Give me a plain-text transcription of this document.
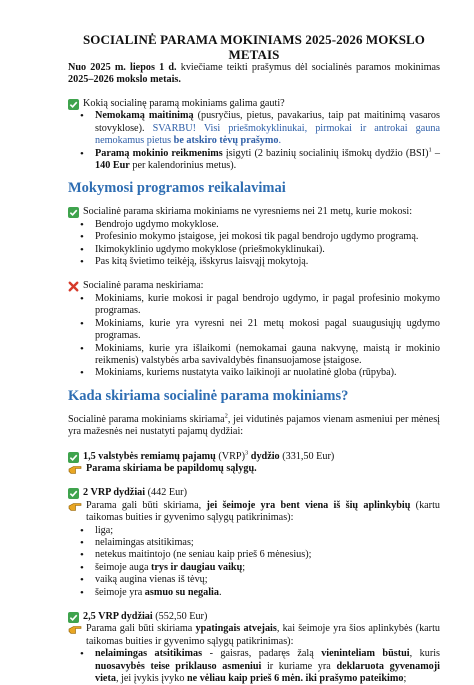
SOCIALINĖ PARAMA MOKINIAMS 2025-2026 MOKSLO METAIS
Nuo 2025 m. liepos 1 d. kviečiame teikti prašymus dėl socialinės paramos mokinimas 2025–2026 mokslo metais.
Kokią socialinę paramą mokiniams galima gauti?
• Nemokamą maitinimą (pusryčius, pietus, pavakarius, taip pat maitinimą vasaros stovyklose). SVARBU! Visi priešmokyklinukai, pirmokai ir antrokai gauna nemokamus pietus be atskiro tėvų prašymo.
• Paramą mokinio reikmenims įsigyti (2 bazinių socialinių išmokų dydžio (BSI)$^1$ – 140 Eur per kalendorinius metus).
Mokymosi programos reikalavimai
Socialinė parama skiriama mokiniams ne vyresniems nei 21 metų, kurie mokosi:
• Bendrojo ugdymo mokyklose.
• Profesinio mokymo įstaigose, jei mokosi tik pagal bendrojo ugdymo programą.
• Ikimokyklinio ugdymo mokyklose (priešmokyklinukai).
• Pas kitą švietimo teikėją, išskyrus laisvąjį mokytoją.
Socialinė parama neskiriama:
• Mokiniams, kurie mokosi ir pagal bendrojo ugdymo, ir pagal profesinio mokymo programas.
• Mokiniams, kurie yra vyresni nei 21 metų mokosi pagal suaugusiųjų ugdymo programas.
• Mokiniams, kurie yra išlaikomi (nemokamai gauna nakvynę, maistą ir mokinio reikmenis) valstybės arba savivaldybės finansuojamose įstaigose.
• Mokiniams, kuriems nustatyta vaiko laikinoji ar nuolatinė globa (rūpyba).
Kada skiriama socialinė parama mokiniams?
Socialinė parama mokiniams skiriama$^2$, jei vidutinės pajamos vienam asmeniui per mėnesį yra mažesnės nei nustatyti pajamų dydžiai:
1,5 valstybės remiamų pajamų (VRP)$^3$ dydžio (331,50 Eur)
Parama skiriama be papildomų sąlygų.
2 VRP dydžiai (442 Eur)
Parama gali būti skiriama, jei šeimoje yra bent viena iš šių aplinkybių (kartu taikomas buities ir gyvenimo sąlygų patikrinimas):
• liga;
• nelaimingas atsitikimas;
• netekus maitintojo (ne seniau kaip prieš 6 mėnesius);
• šeimoje auga trys ir daugiau vaikų;
• vaiką augina vienas iš tėvų;
• šeimoje yra asmuo su negalia.
2,5 VRP dydžiai (552,50 Eur)
Parama gali būti skiriama ypatingais atvejais, kai šeimoje yra šios aplinkybės (kartu taikomas buities ir gyvenimo sąlygų patikrinimas):
• nelaimingas atsitikimas - gaisras, padaręs žalą vieninteliam būstui, kuris nuosavybės teise priklauso asmeniui ir kuriame yra deklaruota gyvenamoji vieta, jei įvykis įvyko ne vėliau kaip prieš 6 mėn. iki prašymo pateikimo;
